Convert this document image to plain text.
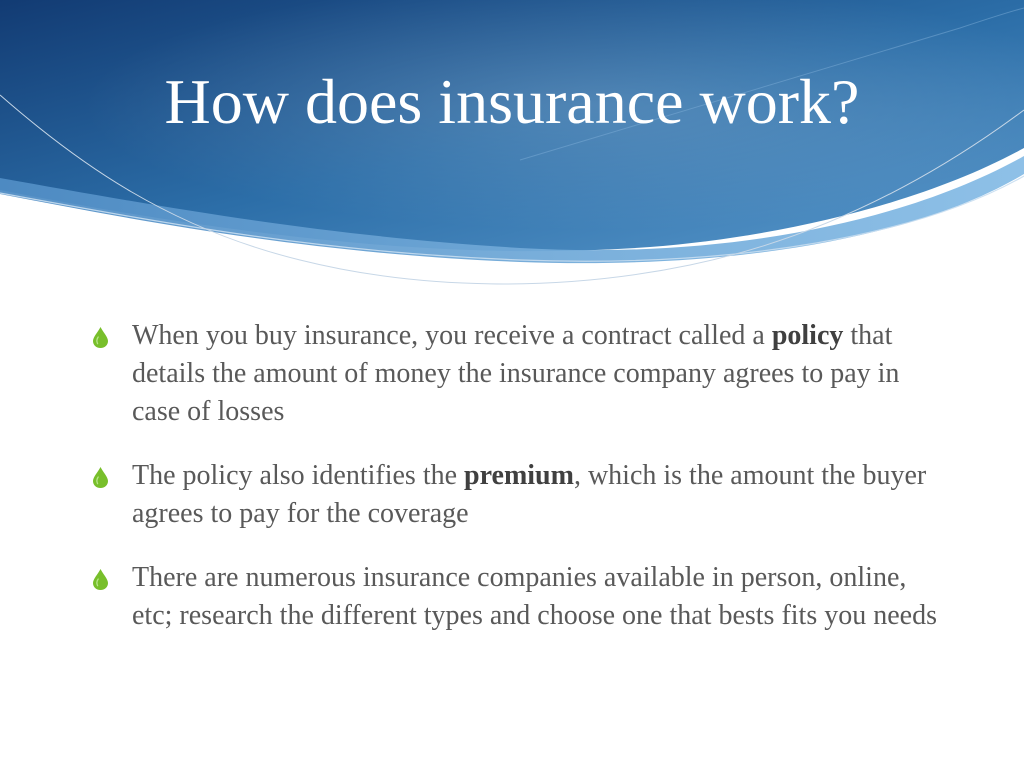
How does insurance work?
When you buy insurance, you receive a contract called a policy that details the amount of money the insurance company agrees to pay in case of losses
The policy also identifies the premium, which is the amount the buyer agrees to pay for the coverage
There are numerous insurance companies available in person, online, etc; research the different types and choose one that bests fits you needs
